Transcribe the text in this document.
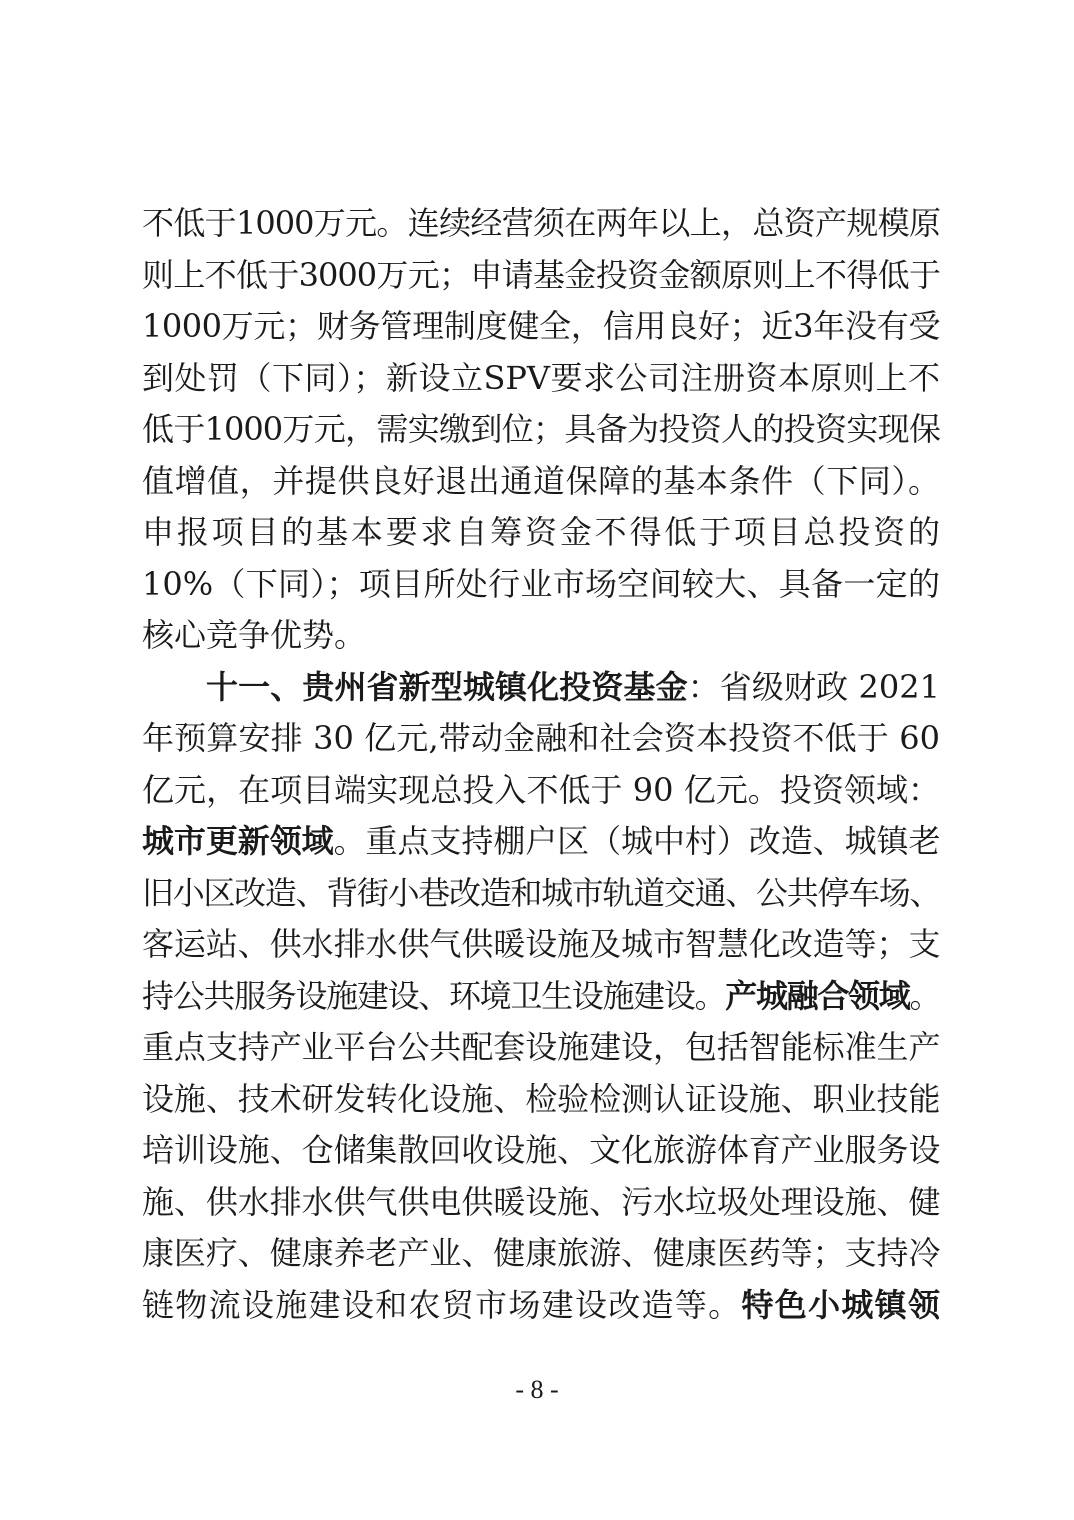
不低于1000万元。连续经营须在两年以上，总资产规模原
则上不低于3000万元；申请基金投资金额原则上不得低于
1000万元；财务管理制度健全，信用良好；近3年没有受
到处罚（下同）；新设立SPV要求公司注册资本原则上不
低于1000万元，需实缴到位；具备为投资人的投资实现保
值增值，并提供良好退出通道保障的基本条件（下同）。
申报项目的基本要求自筹资金不得低于项目总投资的
10%（下同）；项目所处行业市场空间较大、具备一定的
核心竞争优势。
十一、贵州省新型城镇化投资基金：省级财政 2021
年预算安排 30 亿元,带动金融和社会资本投资不低于 60
亿元，在项目端实现总投入不低于 90 亿元。投资领域：
城市更新领域。重点支持棚户区（城中村）改造、城镇老
旧小区改造、背街小巷改造和城市轨道交通、公共停车场、
客运站、供水排水供气供暖设施及城市智慧化改造等；支
持公共服务设施建设、环境卫生设施建设。产城融合领域。
重点支持产业平台公共配套设施建设，包括智能标准生产
设施、技术研发转化设施、检验检测认证设施、职业技能
培训设施、仓储集散回收设施、文化旅游体育产业服务设
施、供水排水供气供电供暖设施、污水垃圾处理设施、健
康医疗、健康养老产业、健康旅游、健康医药等；支持冷
链物流设施建设和农贸市场建设改造等。特色小城镇领
- 8 -
